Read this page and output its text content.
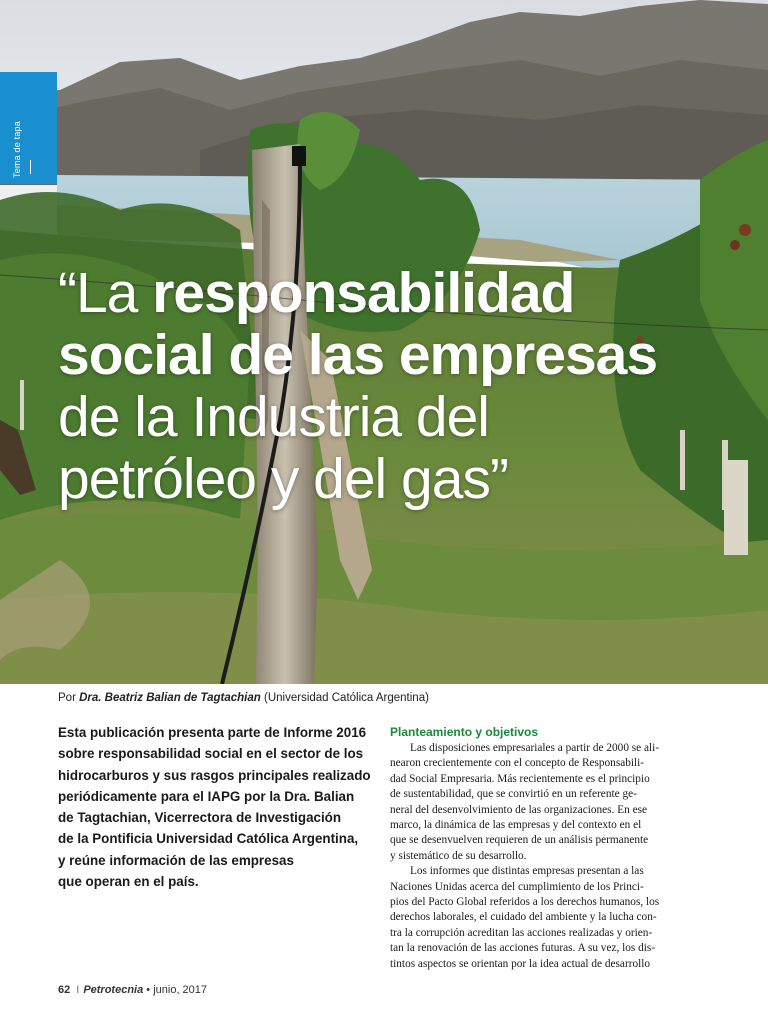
Tema de tapa
“La responsabilidad
social de las empresas
de la Industria del
petróleo y del gas”
Por Dra. Beatriz Balian de Tagtachian (Universidad Católica Argentina)
Esta publicación presenta parte de Informe 2016
sobre responsabilidad social en el sector de los
hidrocarburos y sus rasgos principales realizado
periódicamente para el IAPG por la Dra. Balian
de Tagtachian, Vicerrectora de Investigación
de la Pontificia Universidad Católica Argentina,
y reúne información de las empresas
que operan en el país.
Planteamiento y objetivos

Las disposiciones empresariales a partir de 2000 se ali-
nearon crecientemente con el concepto de Responsabili-
dad Social Empresaria. Más recientemente es el principio
de sustentabilidad, que se convirtió en un referente ge-
neral del desenvolvimiento de las organizaciones. En ese
marco, la dinámica de las empresas y del contexto en el
que se desenvuelven requieren de un análisis permanente
y sistemático de su desarrollo.

Los informes que distintas empresas presentan a las
Naciones Unidas acerca del cumplimiento de los Princi-
pios del Pacto Global referidos a los derechos humanos, los
derechos laborales, el cuidado del ambiente y la lucha con-
tra la corrupción acreditan las acciones realizadas y orien-
tan la renovación de las acciones futuras. A su vez, los dis-
tintos aspectos se orientan por la idea actual de desarrollo

62 I Petrotecnia • junio, 2017
